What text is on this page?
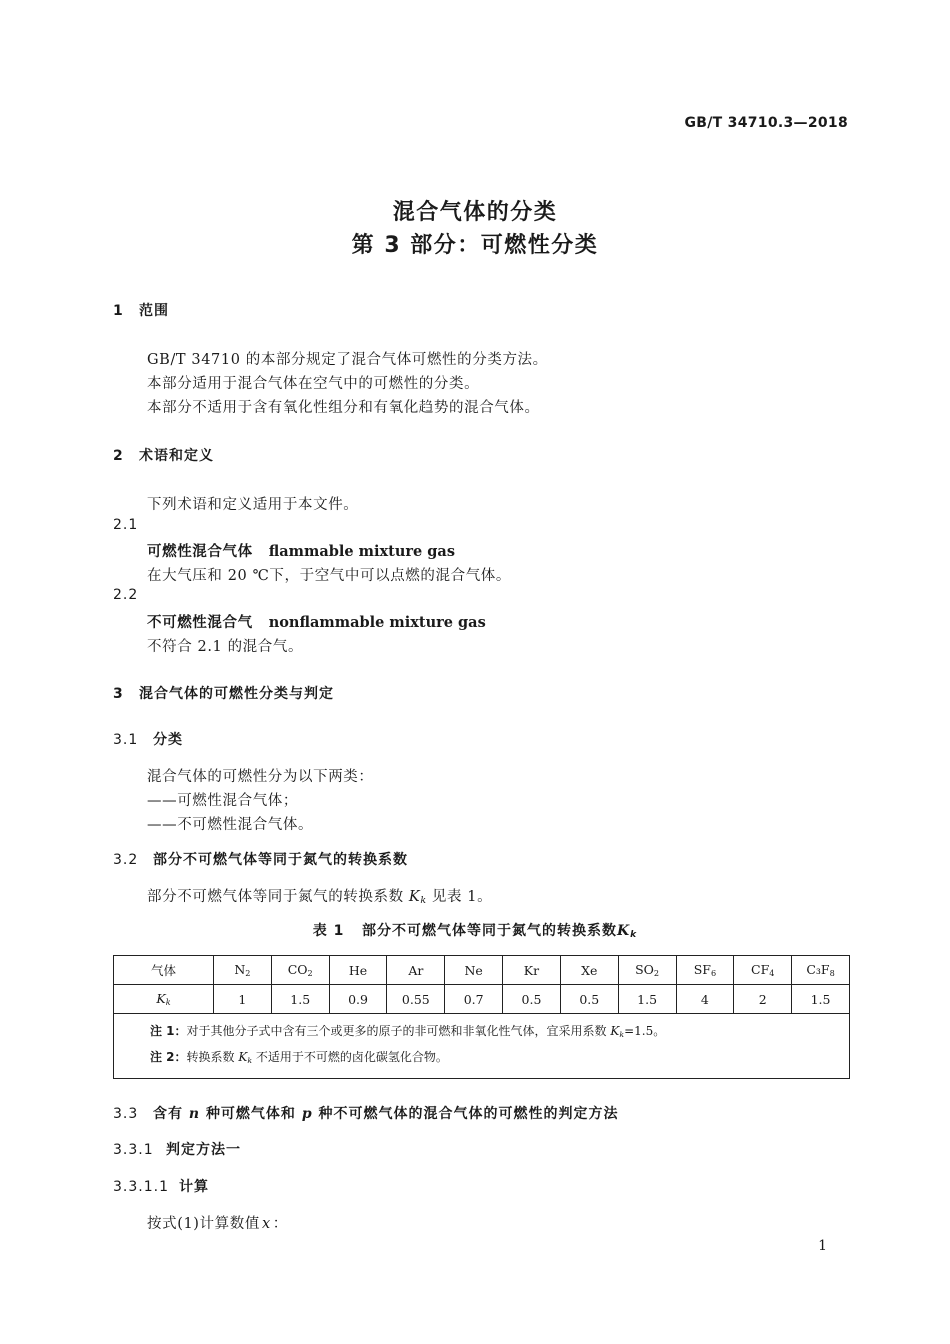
GB/T 34710.3—2018
混合气体的分类
第 3 部分：可燃性分类
1 范围
GB/T 34710 的本部分规定了混合气体可燃性的分类方法。
本部分适用于混合气体在空气中的可燃性的分类。
本部分不适用于含有氧化性组分和有氧化趋势的混合气体。
2 术语和定义
下列术语和定义适用于本文件。
2.1
可燃性混合气体 flammable mixture gas
在大气压和 20 ℃下，于空气中可以点燃的混合气体。
2.2
不可燃性混合气 nonflammable mixture gas
不符合 2.1 的混合气。
3 混合气体的可燃性分类与判定
3.1 分类
混合气体的可燃性分为以下两类：
——可燃性混合气体；
——不可燃性混合气体。
3.2 部分不可燃气体等同于氮气的转换系数
部分不可燃气体等同于氮气的转换系数 $K_k$ 见表 1。
表 1 部分不可燃气体等同于氮气的转换系数$K_k$
气体	$N_2$	$CO_2$	He	Ar	Ne	Kr	Xe	$SO_2$	$SF_6$	$CF_4$	$C_3F_8$
$K_k$	1	1.5	0.9	0.55	0.7	0.5	0.5	1.5	4	2	1.5

注 1：对于其他分子式中含有三个或更多的原子的非可燃和非氧化性气体，宜采用系数 $K_k=1.5$。
注 2：转换系数 $K_k$ 不适用于不可燃的卤化碳氢化合物。											
3.3 含有 n 种可燃气体和 p 种不可燃气体的混合气体的可燃性的判定方法
3.3.1 判定方法一
3.3.1.1 计算
按式(1)计算数值 x ：
1
